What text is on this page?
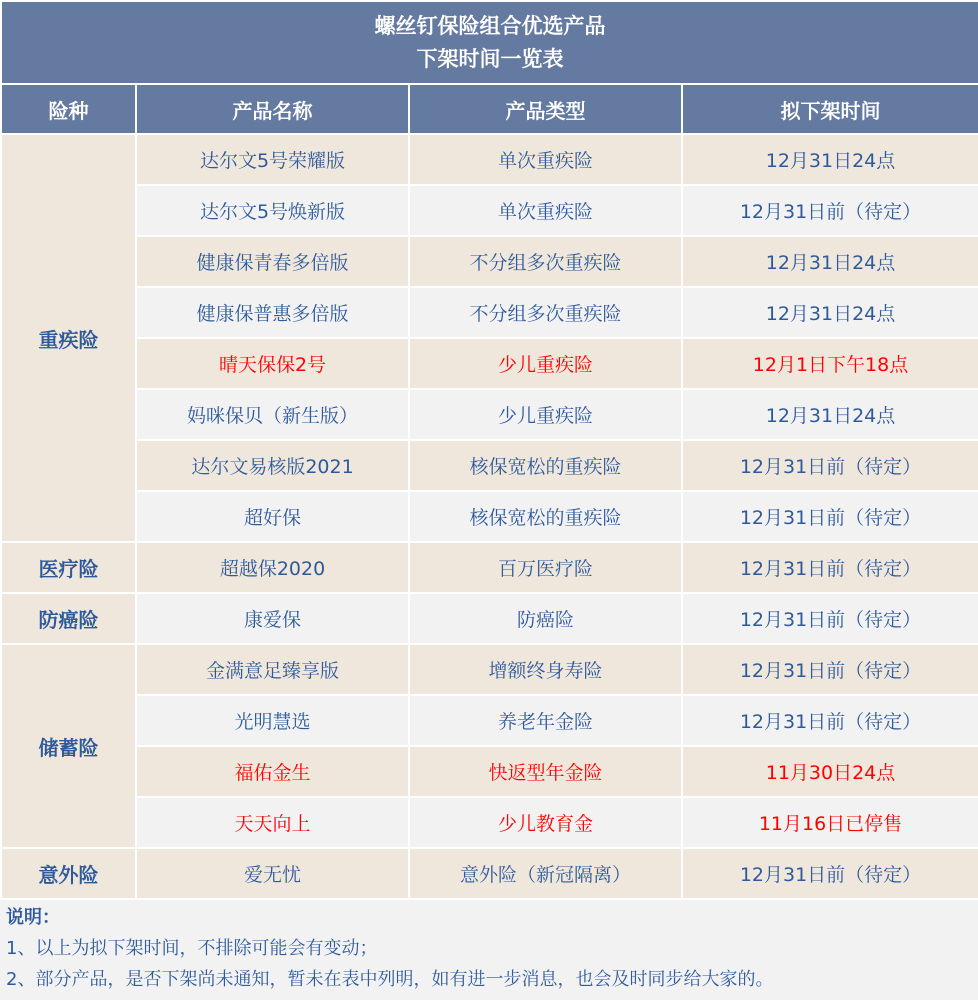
螺丝钉保险组合优选产品
下架时间一览表			

险种	产品名称	产品类型	拟下架时间
重疾险	达尔文5号荣耀版	单次重疾险	12月31日24点
	达尔文5号焕新版	单次重疾险	12月31日前（待定）
	健康保青春多倍版	不分组多次重疾险	12月31日24点
	健康保普惠多倍版	不分组多次重疾险	12月31日24点
	晴天保保2号	少儿重疾险	12月1日下午18点
	妈咪保贝（新生版）	少儿重疾险	12月31日24点
	达尔文易核版2021	核保宽松的重疾险	12月31日前（待定）
	超好保	核保宽松的重疾险	12月31日前（待定）
医疗险	超越保2020	百万医疗险	12月31日前（待定）
防癌险	康爱保	防癌险	12月31日前（待定）
储蓄险	金满意足臻享版	增额终身寿险	12月31日前（待定）
	光明慧选	养老年金险	12月31日前（待定）
	福佑金生	快返型年金险	11月30日24点
	天天向上	少儿教育金	11月16日已停售
意外险	爱无忧	意外险（新冠隔离）	12月31日前（待定）
说明：
1、以上为拟下架时间，不排除可能会有变动；
2、部分产品，是否下架尚未通知，暂未在表中列明，如有进一步消息，也会及时同步给大家的。
